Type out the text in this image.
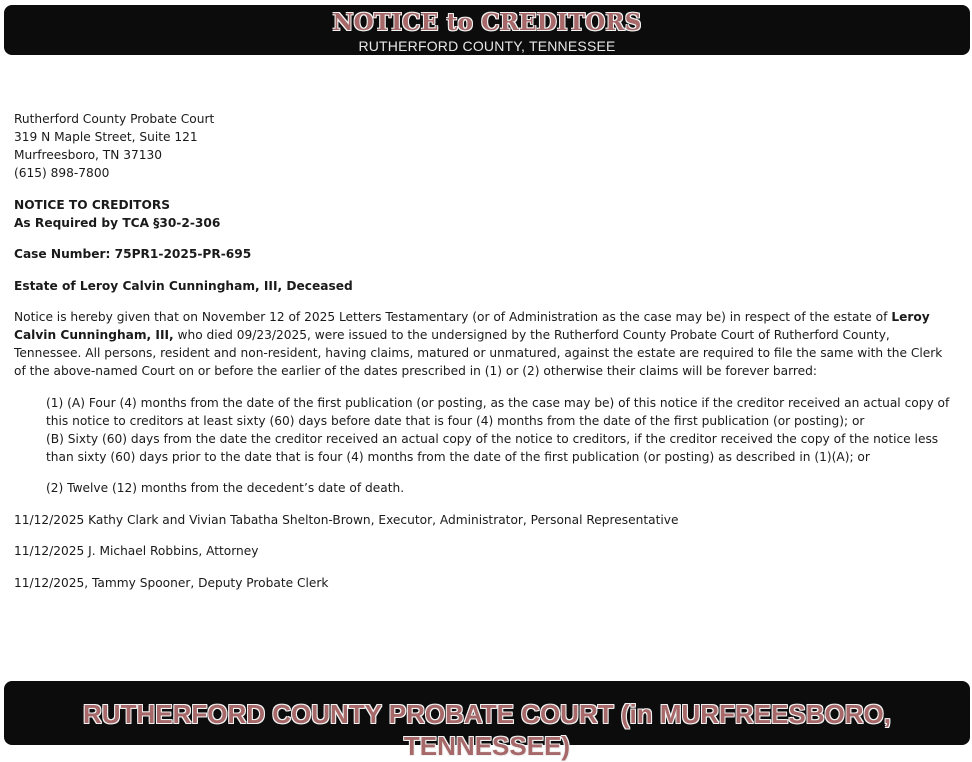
NOTICE to CREDITORS
RUTHERFORD COUNTY, TENNESSEE

Rutherford County Probate Court
319 N Maple Street, Suite 121
Murfreesboro, TN 37130
(615) 898-7800

NOTICE TO CREDITORS
As Required by TCA §30-2-306

Case Number: 75PR1-2025-PR-695

Estate of Leroy Calvin Cunningham, III, Deceased

Notice is hereby given that on November 12 of 2025 Letters Testamentary (or of Administration as the case may be) in respect of the estate of Leroy Calvin Cunningham, III, who died 09/23/2025, were issued to the undersigned by the Rutherford County Probate Court of Rutherford County, Tennessee. All persons, resident and non-resident, having claims, matured or unmatured, against the estate are required to file the same with the Clerk of the above-named Court on or before the earlier of the dates prescribed in (1) or (2) otherwise their claims will be forever barred:

(1) (A) Four (4) months from the date of the first publication (or posting, as the case may be) of this notice if the creditor received an actual copy of this notice to creditors at least sixty (60) days before date that is four (4) months from the date of the first publication (or posting); or
(B) Sixty (60) days from the date the creditor received an actual copy of the notice to creditors, if the creditor received the copy of the notice less than sixty (60) days prior to the date that is four (4) months from the date of the first publication (or posting) as described in (1)(A); or
(2) Twelve (12) months from the decedent’s date of death.

11/12/2025 Kathy Clark and Vivian Tabatha Shelton-Brown, Executor, Administrator, Personal Representative

11/12/2025 J. Michael Robbins, Attorney

11/12/2025, Tammy Spooner, Deputy Probate Clerk

RUTHERFORD COUNTY PROBATE COURT (in MURFREESBORO, TENNESSEE)
